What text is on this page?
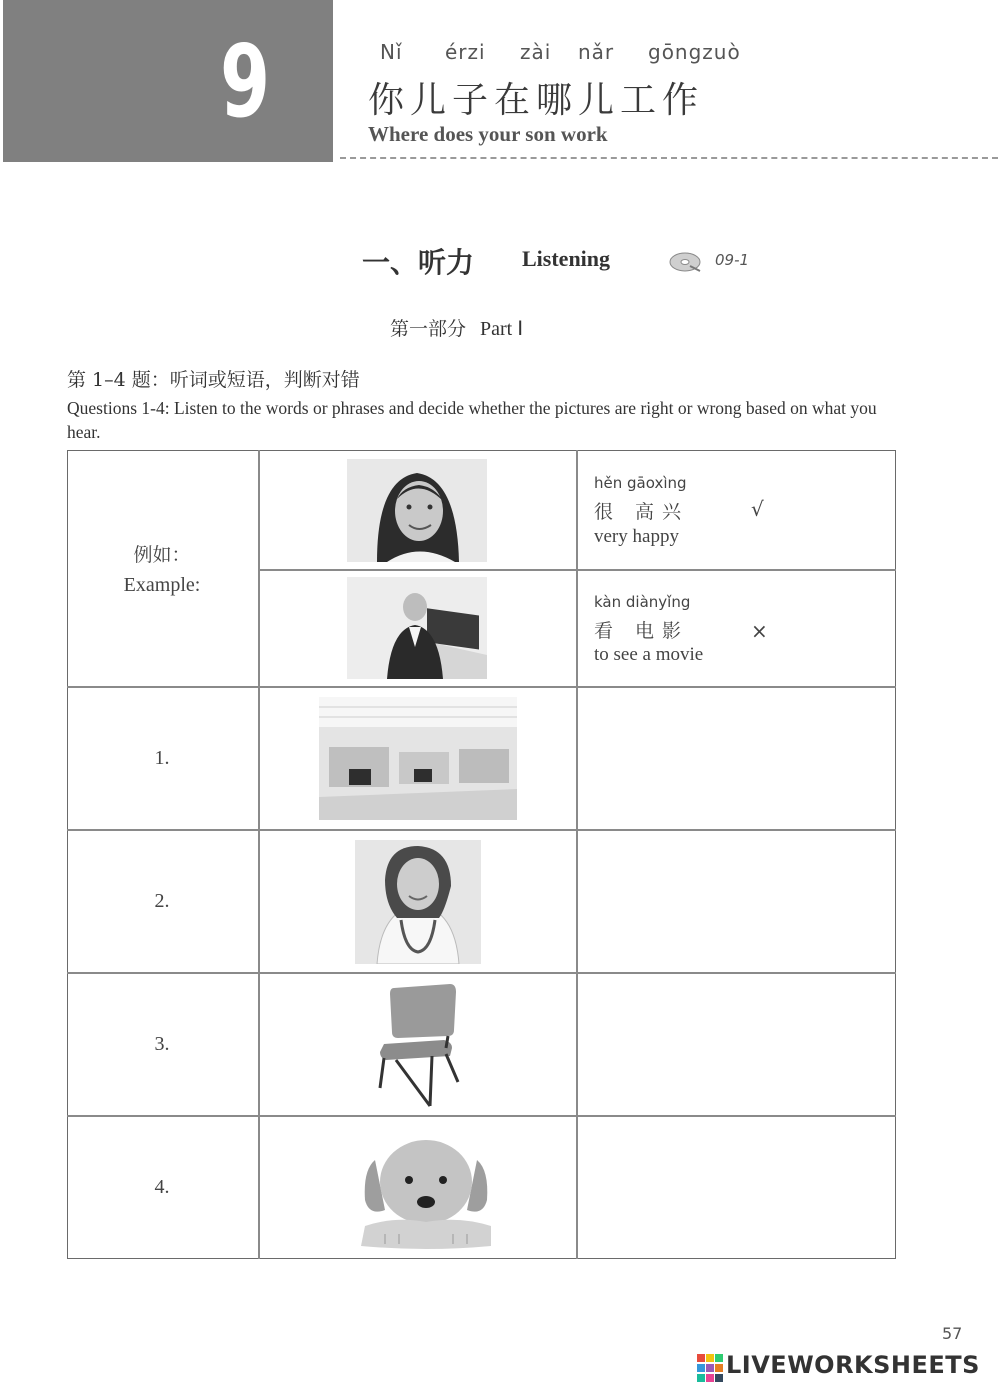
9	Nǐ érzi zài nǎr gōngzuò
你儿子在哪儿工作
Where does your son work
一、听力 Listening	09-1
第一部分 Part Ⅰ
第 1–4 题：听词或短语，判断对错
Questions 1-4: Listen to the words or phrases and decide whether the pictures are right or wrong based on what you hear.
例如：
Example:
hěn gāoxìng
很 高兴
very happy
√
kàn diànyǐng
看 电影
to see a movie
×
1.
2.
3.
4.
57
LIVEWORKSHEETS
